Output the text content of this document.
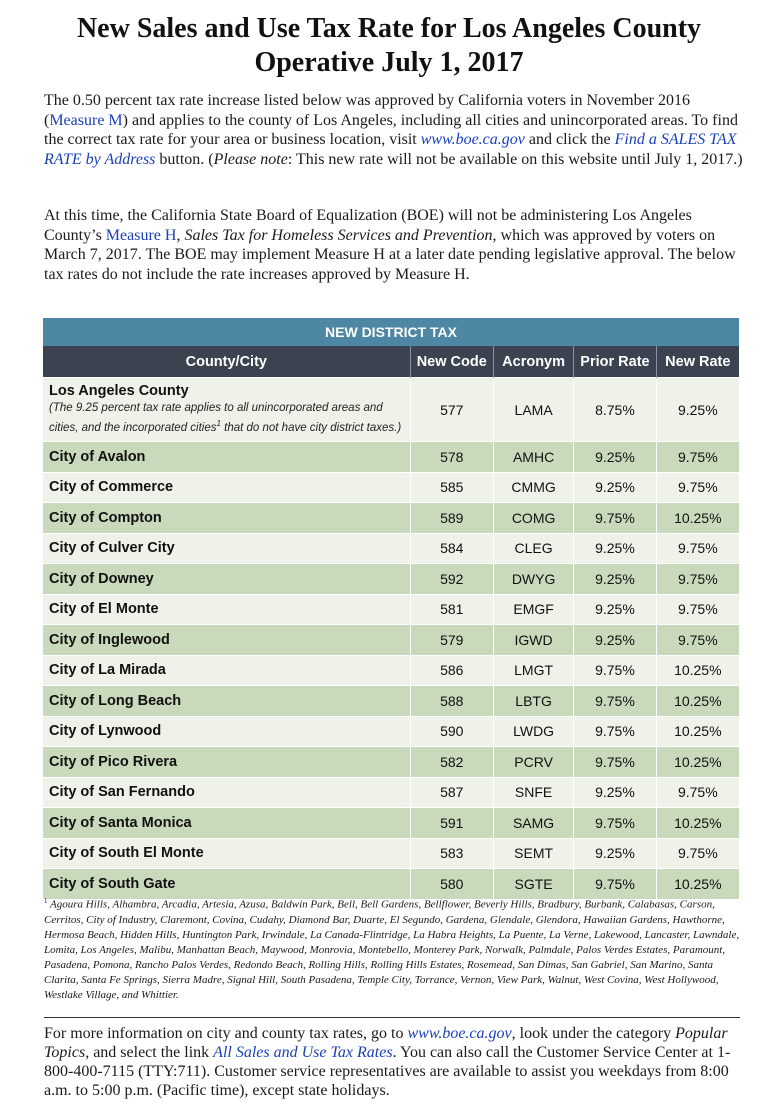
New Sales and Use Tax Rate for Los Angeles County
Operative July 1, 2017

The 0.50 percent tax rate increase listed below was approved by California voters in November 2016 (Measure M) and applies to the county of Los Angeles, including all cities and unincorporated areas. To find the correct tax rate for your area or business location, visit www.boe.ca.gov and click the Find a SALES TAX RATE by Address button. (Please note: This new rate will not be available on this website until July 1, 2017.)

At this time, the California State Board of Equalization (BOE) will not be administering Los Angeles County’s Measure H, Sales Tax for Homeless Services and Prevention, which was approved by voters on March 7, 2017. The BOE may implement Measure H at a later date pending legislative approval. The below tax rates do not include the rate increases approved by Measure H.

NEW DISTRICT TAX				
County/City	New Code	Acronym	Prior Rate	New Rate

Los Angeles County
(The 9.25 percent tax rate applies to all unincorporated areas and cities, and the incorporated cities$^1$ that do not have city district taxes.)	577	LAMA	8.75%	9.25%
City of Avalon	578	AMHC	9.25%	9.75%
City of Commerce	585	CMMG	9.25%	9.75%
City of Compton	589	COMG	9.75%	10.25%
City of Culver City	584	CLEG	9.25%	9.75%
City of Downey	592	DWYG	9.25%	9.75%
City of El Monte	581	EMGF	9.25%	9.75%
City of Inglewood	579	IGWD	9.25%	9.75%
City of La Mirada	586	LMGT	9.75%	10.25%
City of Long Beach	588	LBTG	9.75%	10.25%
City of Lynwood	590	LWDG	9.75%	10.25%
City of Pico Rivera	582	PCRV	9.75%	10.25%
City of San Fernando	587	SNFE	9.25%	9.75%
City of Santa Monica	591	SAMG	9.75%	10.25%
City of South El Monte	583	SEMT	9.25%	9.75%
City of South Gate	580	SGTE	9.75%	10.25%
$^1$ Agoura Hills, Alhambra, Arcadia, Artesia, Azusa, Baldwin Park, Bell, Bell Gardens, Bellflower, Beverly Hills, Bradbury, Burbank, Calabasas, Carson, Cerritos, City of Industry, Claremont, Covina, Cudahy, Diamond Bar, Duarte, El Segundo, Gardena, Glendale, Glendora, Hawaiian Gardens, Hawthorne, Hermosa Beach, Hidden Hills, Huntington Park, Irwindale, La Canada-Flintridge, La Habra Heights, La Puente, La Verne, Lakewood, Lancaster, Lawndale, Lomita, Los Angeles, Malibu, Manhattan Beach, Maywood, Monrovia, Montebello, Monterey Park, Norwalk, Palmdale, Palos Verdes Estates, Paramount, Pasadena, Pomona, Rancho Palos Verdes, Redondo Beach, Rolling Hills, Rolling Hills Estates, Rosemead, San Dimas, San Gabriel, San Marino, Santa Clarita, Santa Fe Springs, Sierra Madre, Signal Hill, South Pasadena, Temple City, Torrance, Vernon, View Park, Walnut, West Covina, West Hollywood, Westlake Village, and Whittier.

For more information on city and county tax rates, go to www.boe.ca.gov, look under the category Popular Topics, and select the link All Sales and Use Tax Rates. You can also call the Customer Service Center at 1-800-400-7115 (TTY:711). Customer service representatives are available to assist you weekdays from 8:00 a.m. to 5:00 p.m. (Pacific time), except state holidays.
